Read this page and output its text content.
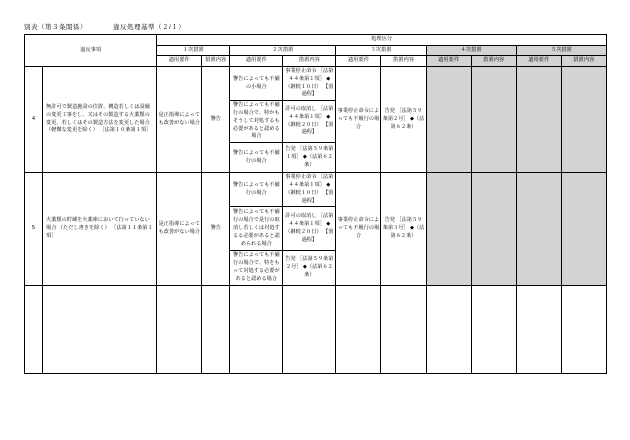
別表（第３条関係）	違反処理基準（２/１）
違反事項		処理区分									
		１次措置		２次措置		３次措置		４次措置		５次措置	
		適用要件	措置内容	適用要件	措置内容	適用要件	措置内容	適用要件	措置内容	適用要件	措置内容
4	無許可で製造施設の位置、構造若しくは設備の変更工事をし、又はその製造する火薬類の変更、若しくはその製造方法を変更した場合（軽微な変更を除く） ［法第１０条第１項］	是正指導によっても改善がない場合	警告	警告によっても不備の小場合	事業停止命令 ［法第４４条第１項］ ◆（継続１０日） 【罰過程】	事業停止命令によっても不履行の場合	告発 ［法第５９条第２号］ ◆（法第６２条）				

				警告によっても不備行の場合で、特かもそうして対処するも必要があると認める場合	許可の取消し ［法第４４条第１項］ ◆（継続２０日） 【罰過程】						

				警告によっても不備行の場合	告発 ［法第５９条第１項］ ◆（法第６２条）						

5	火薬類の貯蔵を火薬庫において行っていない場合 （ただし書きを除く） ［法第１１条第１項］	是正指導によっても改善がない場合	警告	警告によっても不備行の場合	事業停止命令 ［法第４４条第１項］ ◆（継続１０日） 【罰過程】	事業停止命令によっても不履行の場合	告発 ［法第５９条第３号］ ◆（法第６２条）				

				警告によっても不備行の場合で是行の取消し若しくは対処するる必要があると認められる場合	許可の取消し ［法第４４条第１項］ ◆（継続２０日） 【罰過程】						

				警告によっても不備行の場合で、特をもって対処する必要があると認める場合	告発 ［法第５９条第２号］ ◆（法第６２条）						
